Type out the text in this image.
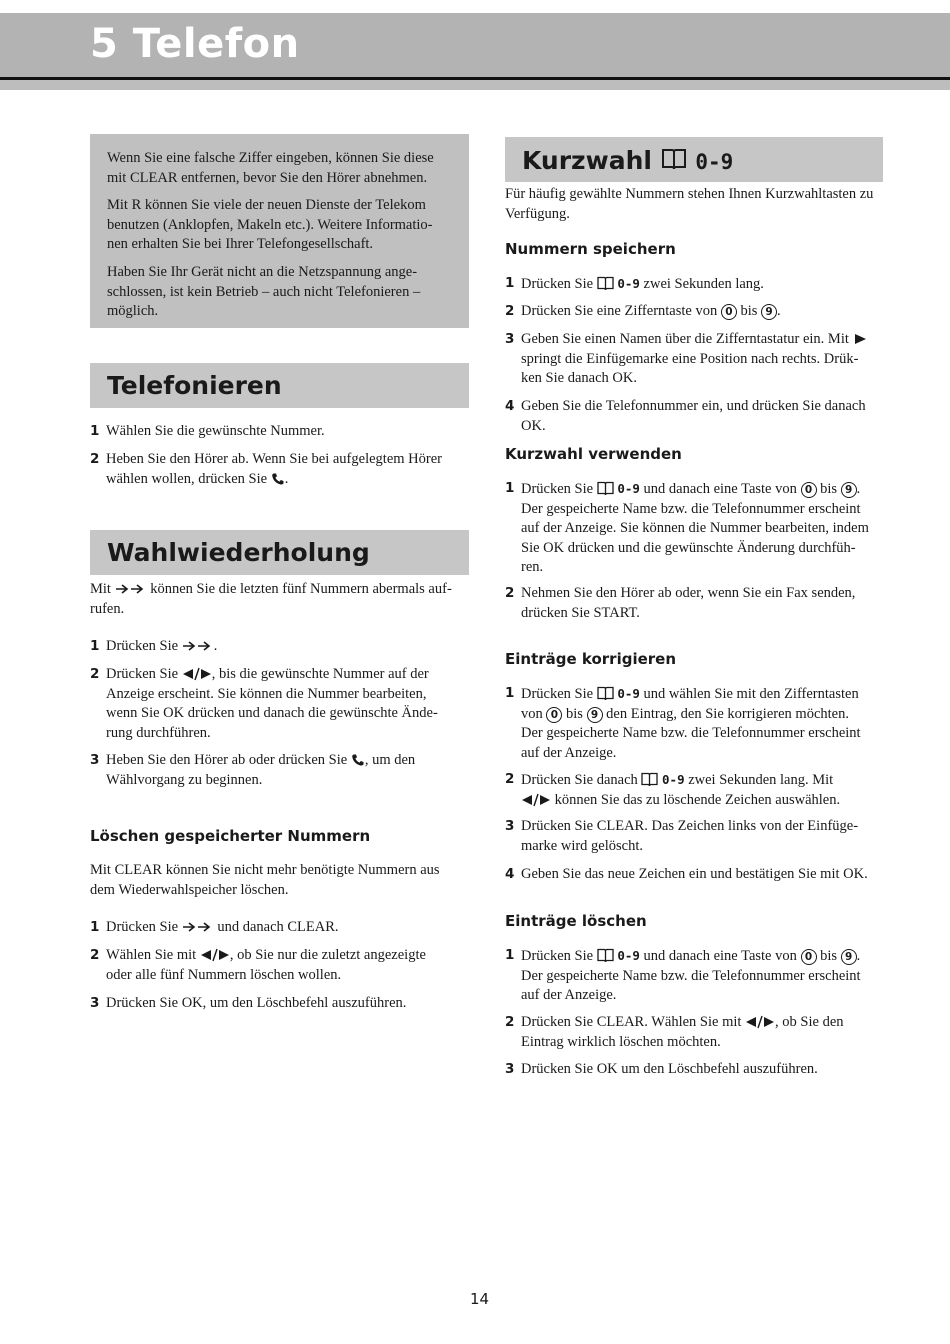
5 Telefon
Wenn Sie eine falsche Ziffer eingeben, können Sie diese
mit CLEAR entfernen, bevor Sie den Hörer abnehmen.
Mit R können Sie viele der neuen Dienste der Telekom
benutzen (Anklopfen, Makeln etc.). Weitere Informatio-
nen erhalten Sie bei Ihrer Telefongesellschaft.
Haben Sie Ihr Gerät nicht an die Netzspannung ange-
schlossen, ist kein Betrieb – auch nicht Telefonieren –
möglich.
Telefonieren
1 Wählen Sie die gewünschte Nummer.
2 Heben Sie den Hörer ab. Wenn Sie bei aufgelegtem Hörer
wählen wollen, drücken Sie .
Wahlwiederholung
Mit	können Sie die letzten fünf Nummern abermals auf-
rufen.
1 Drücken Sie .
2 Drücken Sie , bis die gewünschte Nummer auf der
Anzeige erscheint. Sie können die Nummer bearbeiten,
wenn Sie OK drücken und danach die gewünschte Ände-
rung durchführen.
3 Heben Sie den Hörer ab oder drücken Sie , um den
Wählvorgang zu beginnen.
Löschen gespeicherter Nummern
Mit CLEAR können Sie nicht mehr benötigte Nummern aus
dem Wiederwahlspeicher löschen.
1 Drücken Sie	und danach CLEAR.
2 Wählen Sie mit , ob Sie nur die zuletzt angezeigte
oder alle fünf Nummern löschen wollen.
3 Drücken Sie OK, um den Löschbefehl auszuführen.
Kurzwahl 0-9
Für häufig gewählte Nummern stehen Ihnen Kurzwahltasten zu
Verfügung.
Nummern speichern
1 Drücken Sie 0-9 zwei Sekunden lang.
2 Drücken Sie eine Zifferntaste von 0 bis 9 .
3 Geben Sie einen Namen über die Zifferntastatur ein. Mit
springt die Einfügemarke eine Position nach rechts. Drük-
ken Sie danach OK.
4 Geben Sie die Telefonnummer ein, und drücken Sie danach
OK.
Kurzwahl verwenden
1 Drücken Sie 0-9 und danach eine Taste von 0 bis 9 .
Der gespeicherte Name bzw. die Telefonnummer erscheint
auf der Anzeige. Sie können die Nummer bearbeiten, indem
Sie OK drücken und die gewünschte Änderung durchfüh-
ren.
2 Nehmen Sie den Hörer ab oder, wenn Sie ein Fax senden,
drücken Sie START.
Einträge korrigieren
1 Drücken Sie 0-9 und wählen Sie mit den Zifferntasten
von 0 bis 9 den Eintrag, den Sie korrigieren möchten.
Der gespeicherte Name bzw. die Telefonnummer erscheint
auf der Anzeige.
2 Drücken Sie danach 0-9 zwei Sekunden lang. Mit
können Sie das zu löschende Zeichen auswählen.
3 Drücken Sie CLEAR. Das Zeichen links von der Einfüge-
marke wird gelöscht.
4 Geben Sie das neue Zeichen ein und bestätigen Sie mit OK.
Einträge löschen
1 Drücken Sie 0-9 und danach eine Taste von 0 bis 9 .
Der gespeicherte Name bzw. die Telefonnummer erscheint
auf der Anzeige.
2 Drücken Sie CLEAR. Wählen Sie mit , ob Sie den
Eintrag wirklich löschen möchten.
3 Drücken Sie OK um den Löschbefehl auszuführen.
14
